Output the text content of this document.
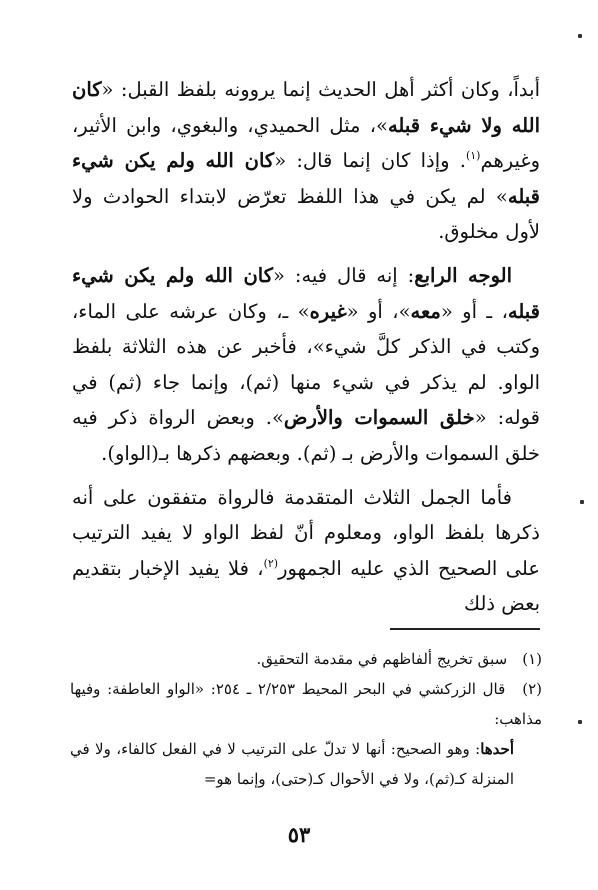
أبداً، وكان أكثر أهل الحديث إنما يروونه بلفظ القبل: «كان الله ولا شيء قبله»، مثل الحميدي، والبغوي، وابن الأثير، وغيرهم$^{(١)}$. وإذا كان إنما قال: «كان الله ولم يكن شيء قبله» لم يكن في هذا اللفظ تعرّض لابتداء الحوادث ولا لأول مخلوق.

الوجه الرابع: إنه قال فيه: «كان الله ولم يكن شيء قبله، ـ أو «معه»، أو «غيره» ـ، وكان عرشه على الماء، وكتب في الذكر كلَّ شيء»، فأخبر عن هذه الثلاثة بلفظ الواو. لم يذكر في شيء منها (ثم)، وإنما جاء (ثم) في قوله: «خلق السموات والأرض». وبعض الرواة ذكر فيه خلق السموات والأرض بـ (ثم). وبعضهم ذكرها بـ(الواو).

فأما الجمل الثلاث المتقدمة فالرواة متفقون على أنه ذكرها بلفظ الواو، ومعلوم أنّ لفظ الواو لا يفيد الترتيب على الصحيح الذي عليه الجمهور$^{(٢)}$، فلا يفيد الإخبار بتقديم بعض ذلك

(١) سبق تخريج ألفاظهم في مقدمة التحقيق.

(٢) قال الزركشي في البحر المحيط ٢/٢٥٣ ـ ٢٥٤: «الواو العاطفة: وفيها مذاهب:

أحدها: وهو الصحيح: أنها لا تدلّ على الترتيب لا في الفعل كالفاء، ولا في المنزلة كـ(ثم)، ولا في الأحوال كـ(حتى)، وإنما هو=

٥٣
